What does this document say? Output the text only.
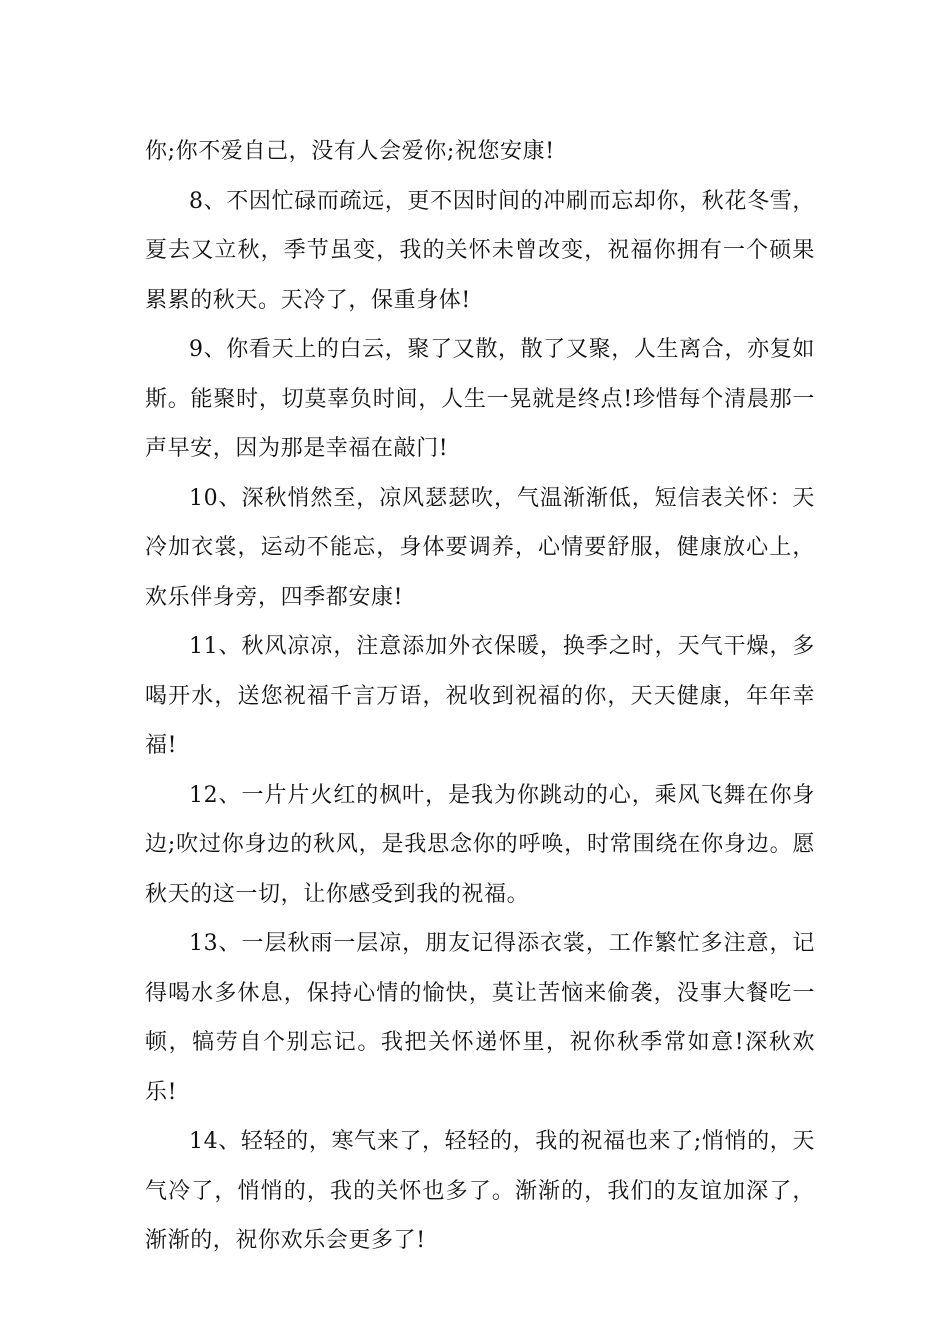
你;你不爱自己，没有人会爱你;祝您安康!

8、不因忙碌而疏远，更不因时间的冲刷而忘却你，秋花冬雪，夏去又立秋，季节虽变，我的关怀未曾改变，祝福你拥有一个硕果累累的秋天。天冷了，保重身体!

9、你看天上的白云，聚了又散，散了又聚，人生离合，亦复如斯。能聚时，切莫辜负时间，人生一晃就是终点!珍惜每个清晨那一声早安，因为那是幸福在敲门!

10、深秋悄然至，凉风瑟瑟吹，气温渐渐低，短信表关怀：天冷加衣裳，运动不能忘，身体要调养，心情要舒服，健康放心上，欢乐伴身旁，四季都安康!

11、秋风凉凉，注意添加外衣保暖，换季之时，天气干燥，多喝开水，送您祝福千言万语，祝收到祝福的你，天天健康，年年幸福!

12、一片片火红的枫叶，是我为你跳动的心，乘风飞舞在你身边;吹过你身边的秋风，是我思念你的呼唤，时常围绕在你身边。愿秋天的这一切，让你感受到我的祝福。

13、一层秋雨一层凉，朋友记得添衣裳，工作繁忙多注意，记得喝水多休息，保持心情的愉快，莫让苦恼来偷袭，没事大餐吃一顿，犒劳自个别忘记。我把关怀递怀里，祝你秋季常如意!深秋欢乐!

14、轻轻的，寒气来了，轻轻的，我的祝福也来了;悄悄的，天气冷了，悄悄的，我的关怀也多了。渐渐的，我们的友谊加深了，渐渐的，祝你欢乐会更多了!
